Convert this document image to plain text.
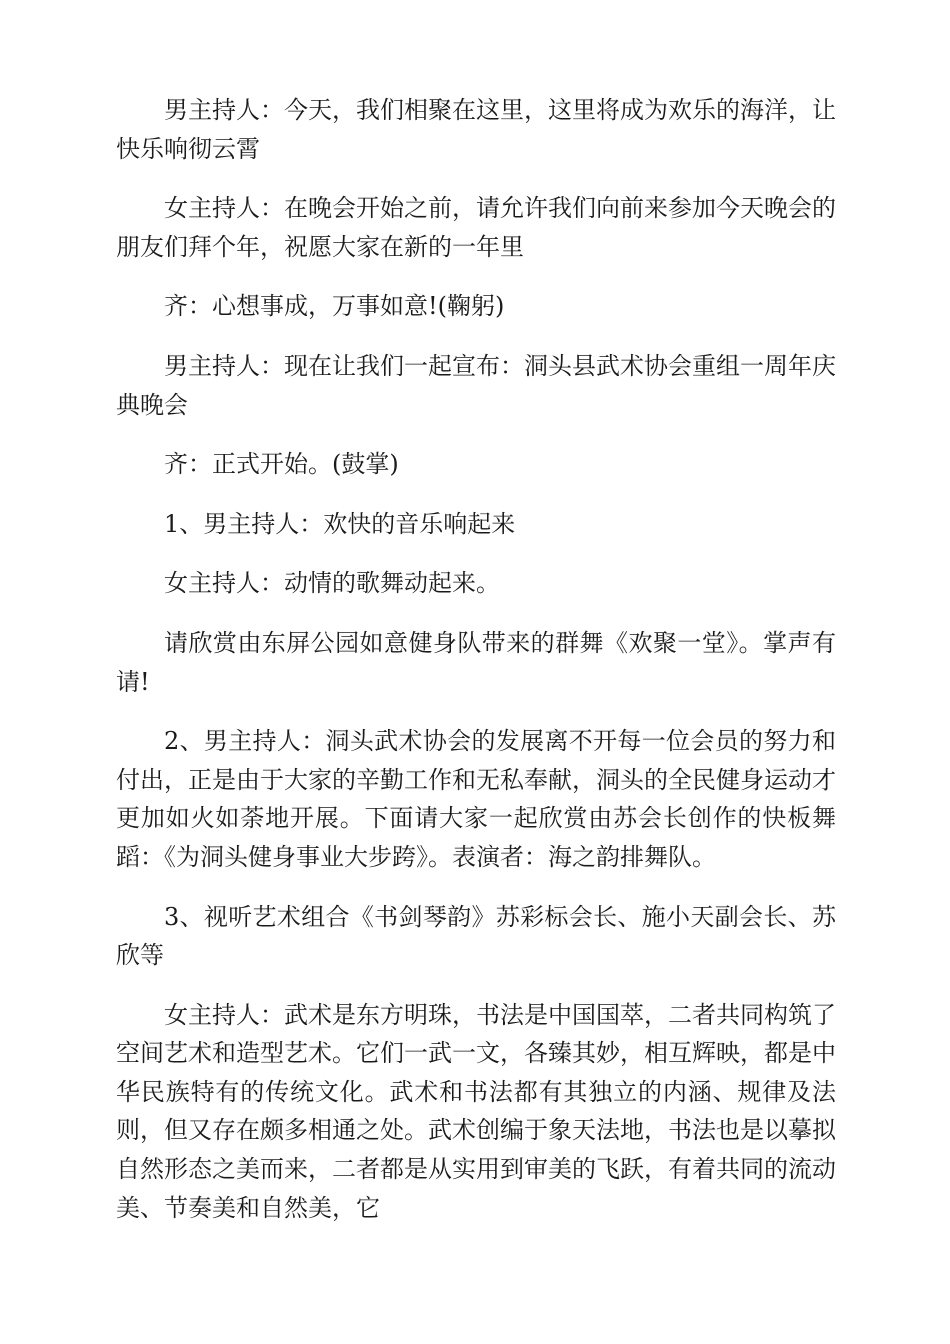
男主持人：今天，我们相聚在这里，这里将成为欢乐的海洋，让快乐响彻云霄

女主持人：在晚会开始之前，请允许我们向前来参加今天晚会的朋友们拜个年，祝愿大家在新的一年里

齐：心想事成，万事如意!(鞠躬)

男主持人：现在让我们一起宣布：洞头县武术协会重组一周年庆典晚会

齐：正式开始。(鼓掌)

1、男主持人：欢快的音乐响起来

女主持人：动情的歌舞动起来。

请欣赏由东屏公园如意健身队带来的群舞《欢聚一堂》。掌声有请!

2、男主持人：洞头武术协会的发展离不开每一位会员的努力和付出，正是由于大家的辛勤工作和无私奉献，洞头的全民健身运动才更加如火如荼地开展。下面请大家一起欣赏由苏会长创作的快板舞蹈：《为洞头健身事业大步跨》。表演者：海之韵排舞队。

3、视听艺术组合《书剑琴韵》苏彩标会长、施小天副会长、苏欣等

女主持人：武术是东方明珠，书法是中国国萃，二者共同构筑了空间艺术和造型艺术。它们一武一文，各臻其妙，相互辉映，都是中华民族特有的传统文化。武术和书法都有其独立的内涵、规律及法则，但又存在颇多相通之处。武术创编于象天法地，书法也是以摹拟自然形态之美而来，二者都是从实用到审美的飞跃，有着共同的流动美、节奏美和自然美，它
